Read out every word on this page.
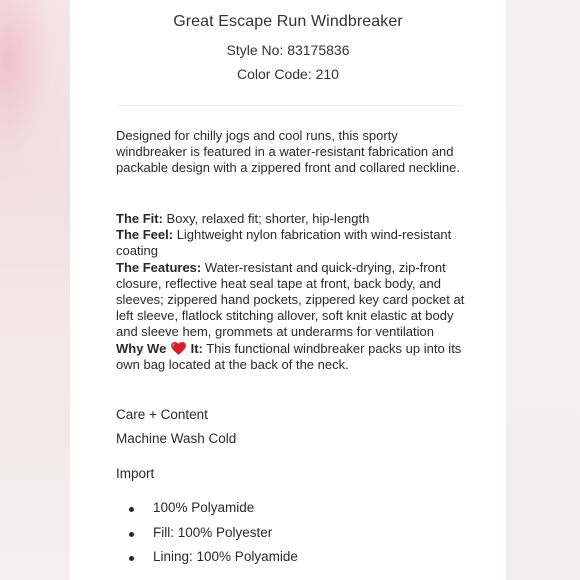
Great Escape Run Windbreaker
Style No: 83175836
Color Code: 210

Designed for chilly jogs and cool runs, this sporty windbreaker is featured in a water-resistant fabrication and packable design with a zippered front and collared neckline.

The Fit: Boxy, relaxed fit; shorter, hip-length
The Feel: Lightweight nylon fabrication with wind-resistant coating
The Features: Water-resistant and quick-drying, zip-front closure, reflective heat seal tape at front, back body, and sleeves; zippered hand pockets, zippered key card pocket at left sleeve, flatlock stitching allover, soft knit elastic at body and sleeve hem, grommets at underarms for ventilation
Why We It: This functional windbreaker packs up into its own bag located at the back of the neck.
Care + Content
Machine Wash Cold
Import
100% Polyamide
Fill: 100% Polyester
Lining: 100% Polyamide
